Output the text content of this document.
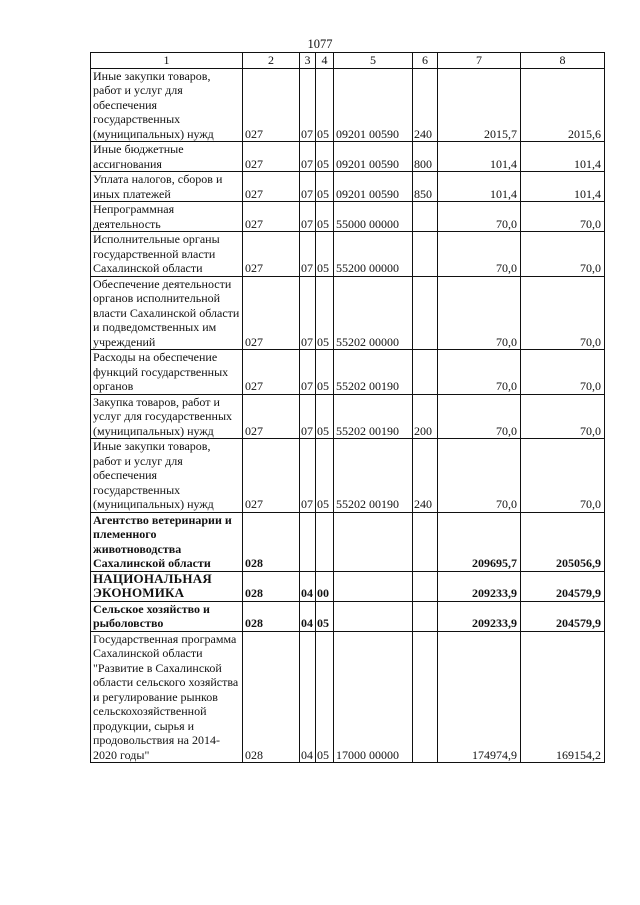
1077
1	2	3	4	5	6	7	8

Иные закупки товаров, работ и услуг для обеспечения государственных (муниципальных) нужд	027	07	05	09201 00590	240	2015,7	2015,6

Иные бюджетные ассигнования	027	07	05	09201 00590	800	101,4	101,4

Уплата налогов, сборов и иных платежей	027	07	05	09201 00590	850	101,4	101,4

Непрограммная деятельность	027	07	05	55000 00000		70,0	70,0

Исполнительные органы государственной власти Сахалинской области	027	07	05	55200 00000		70,0	70,0

Обеспечение деятельности органов исполнительной власти Сахалинской области и подведомственных им учреждений	027	07	05	55202 00000		70,0	70,0

Расходы на обеспечение функций государственных органов	027	07	05	55202 00190		70,0	70,0

Закупка товаров, работ и услуг для государственных (муниципальных) нужд	027	07	05	55202 00190	200	70,0	70,0

Иные закупки товаров, работ и услуг для обеспечения государственных (муниципальных) нужд	027	07	05	55202 00190	240	70,0	70,0

Агентство ветеринарии и племенного животноводства Сахалинской области	028					209695,7	205056,9

НАЦИОНАЛЬНАЯ ЭКОНОМИКА	028	04	00			209233,9	204579,9

Сельское хозяйство и рыболовство	028	04	05			209233,9	204579,9

Государственная программа Сахалинской области "Развитие в Сахалинской области сельского хозяйства и регулирование рынков сельскохозяйственной продукции, сырья и продовольствия на 2014-2020 годы"	028	04	05	17000 00000		174974,9	169154,2
